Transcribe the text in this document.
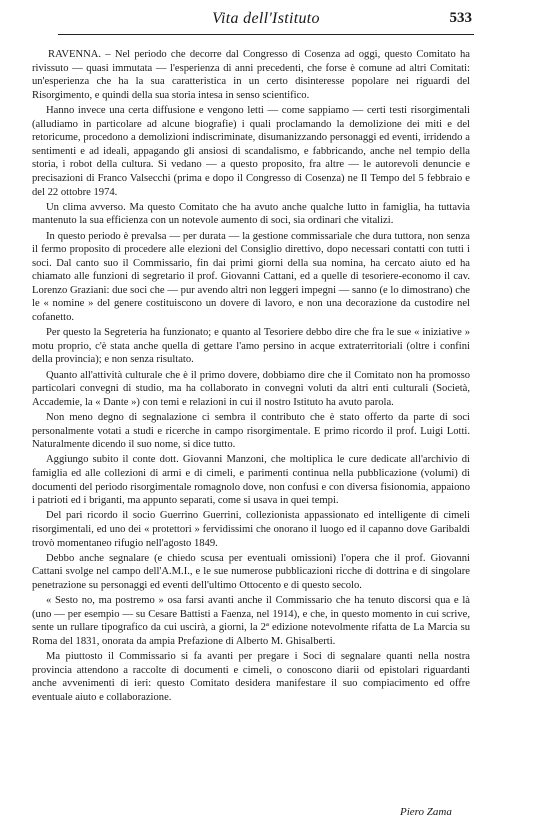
Vita dell'Istituto	533

RAVENNA. – Nel periodo che decorre dal Congresso di Cosenza ad oggi, questo Comitato ha rivissuto — quasi immutata — l'esperienza di anni precedenti, che forse è comune ad altri Comitati: un'esperienza che ha la sua caratteristica in un certo disinteresse popolare nei riguardi del Risorgimento, e quindi della sua storia intesa in senso scientifico.

Hanno invece una certa diffusione e vengono letti — come sappiamo — certi testi risorgimentali (alludiamo in particolare ad alcune biografie) i quali proclamando la demolizione dei miti e del retoricume, procedono a demolizioni indiscriminate, disumanizzando personaggi ed eventi, irridendo a sentimenti e ad ideali, appagando gli ansiosi di scandalismo, e fabbricando, anche nel tempio della storia, i robot della cultura. Si vedano — a questo proposito, fra altre — le autorevoli denuncie e precisazioni di Franco Valsecchi (prima e dopo il Congresso di Cosenza) ne Il Tempo del 5 febbraio e del 22 ottobre 1974.

Un clima avverso. Ma questo Comitato che ha avuto anche qualche lutto in famiglia, ha tuttavia mantenuto la sua efficienza con un notevole aumento di soci, sia ordinari che vitalizi.

In questo periodo è prevalsa — per durata — la gestione commissariale che dura tuttora, non senza il fermo proposito di procedere alle elezioni del Consiglio direttivo, dopo necessari contatti con tutti i soci. Dal canto suo il Commissario, fin dai primi giorni della sua nomina, ha cercato aiuto ed ha chiamato alle funzioni di segretario il prof. Giovanni Cattani, ed a quelle di tesoriere-economo il cav. Lorenzo Graziani: due soci che — pur avendo altri non leggeri impegni — sanno (e lo dimostrano) che le « nomine » del genere costituiscono un dovere di lavoro, e non una decorazione da custodire nel cofanetto.

Per questo la Segreteria ha funzionato; e quanto al Tesoriere debbo dire che fra le sue « iniziative » motu proprio, c'è stata anche quella di gettare l'amo persino in acque extraterritoriali (oltre i confini della provincia); e non senza risultato.

Quanto all'attività culturale che è il primo dovere, dobbiamo dire che il Comitato non ha promosso particolari convegni di studio, ma ha collaborato in convegni voluti da altri enti culturali (Società, Accademie, la « Dante ») con temi e relazioni in cui il nostro Istituto ha avuto parola.

Non meno degno di segnalazione ci sembra il contributo che è stato offerto da parte di soci personalmente votati a studi e ricerche in campo risorgimentale. E primo ricordo il prof. Luigi Lotti. Naturalmente dicendo il suo nome, si dice tutto.

Aggiungo subito il conte dott. Giovanni Manzoni, che moltiplica le cure dedicate all'archivio di famiglia ed alle collezioni di armi e di cimeli, e parimenti continua nella pubblicazione (volumi) di documenti del periodo risorgimentale romagnolo dove, non confusi e con diversa fisionomia, appaiono i patrioti ed i briganti, ma appunto separati, come si usava in quei tempi.

Del pari ricordo il socio Guerrino Guerrini, collezionista appassionato ed intelligente di cimeli risorgimentali, ed uno dei « protettori » fervidissimi che onorano il luogo ed il capanno dove Garibaldi trovò momentaneo rifugio nell'agosto 1849.

Debbo anche segnalare (e chiedo scusa per eventuali omissioni) l'opera che il prof. Giovanni Cattani svolge nel campo dell'A.M.I., e le sue numerose pubblicazioni ricche di dottrina e di singolare penetrazione su personaggi ed eventi dell'ultimo Ottocento e di questo secolo.

« Sesto no, ma postremo » osa farsi avanti anche il Commissario che ha tenuto discorsi qua e là (uno — per esempio — su Cesare Battisti a Faenza, nel 1914), e che, in questo momento in cui scrive, sente un rullare tipografico da cui uscirà, a giorni, la 2ª edizione notevolmente rifatta de La Marcia su Roma del 1831, onorata da ampia Prefazione di Alberto M. Ghisalberti.

Ma piuttosto il Commissario si fa avanti per pregare i Soci di segnalare quanti nella nostra provincia attendono a raccolte di documenti e cimeli, o conoscono diarii od epistolari riguardanti anche avvenimenti di ieri: questo Comitato desidera manifestare il suo compiacimento ed offre eventuale aiuto e collaborazione.

Piero Zama
